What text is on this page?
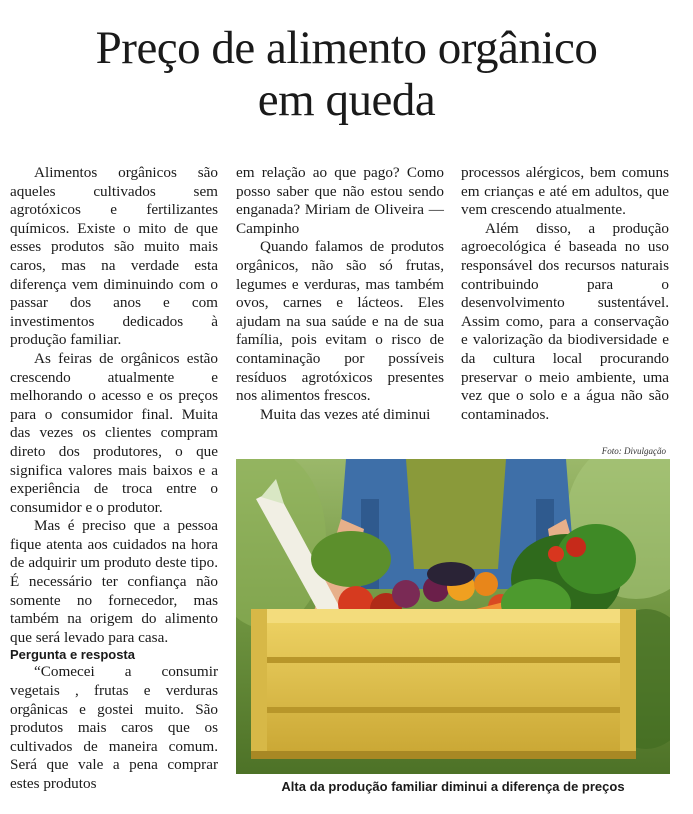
Preço de alimento orgânico
em queda

Alimentos orgânicos são aqueles cultivados sem agrotóxicos e fertilizantes químicos. Existe o mito de que esses produtos são muito mais caros, mas na verdade esta diferença vem diminuindo com o passar dos anos e com investimentos dedicados à produção familiar.

As feiras de orgânicos estão crescendo atualmente e melhorando o acesso e os preços para o consumidor final. Muita das vezes os clientes compram direto dos produtores, o que significa valores mais baixos e a experiência de troca entre o consumidor e o produtor.

Mas é preciso que a pessoa fique atenta aos cuidados na hora de adquirir um produto deste tipo. É necessário ter confiança não somente no fornecedor, mas também na origem do alimento que será levado para casa.

Pergunta e resposta

“Comecei a consumir vegetais , frutas e verduras orgânicas e gostei muito. São produtos mais caros que os cultivados de maneira comum. Será que vale a pena comprar estes produtos

em relação ao que pago? Como posso saber que não estou sendo enganada? Miriam de Oliveira — Campinho

Quando falamos de produtos orgânicos, não são só frutas, legumes e verduras, mas também ovos, carnes e lácteos. Eles ajudam na sua saúde e na de sua família, pois evitam o risco de contaminação por possíveis resíduos agrotóxicos presentes nos alimentos frescos.

Muita das vezes até diminui

processos alérgicos, bem comuns em crianças e até em adultos, que vem crescendo atualmente.

Além disso, a produção agroecológica é baseada no uso responsável dos recursos naturais contribuindo para o desenvolvimento sustentável. Assim como, para a conservação e valorização da biodiversidade e da cultura local procurando preservar o meio ambiente, uma vez que o solo e a água não são contaminados.

Foto: Divulgação
Alta da produção familiar diminui a diferença de preços
